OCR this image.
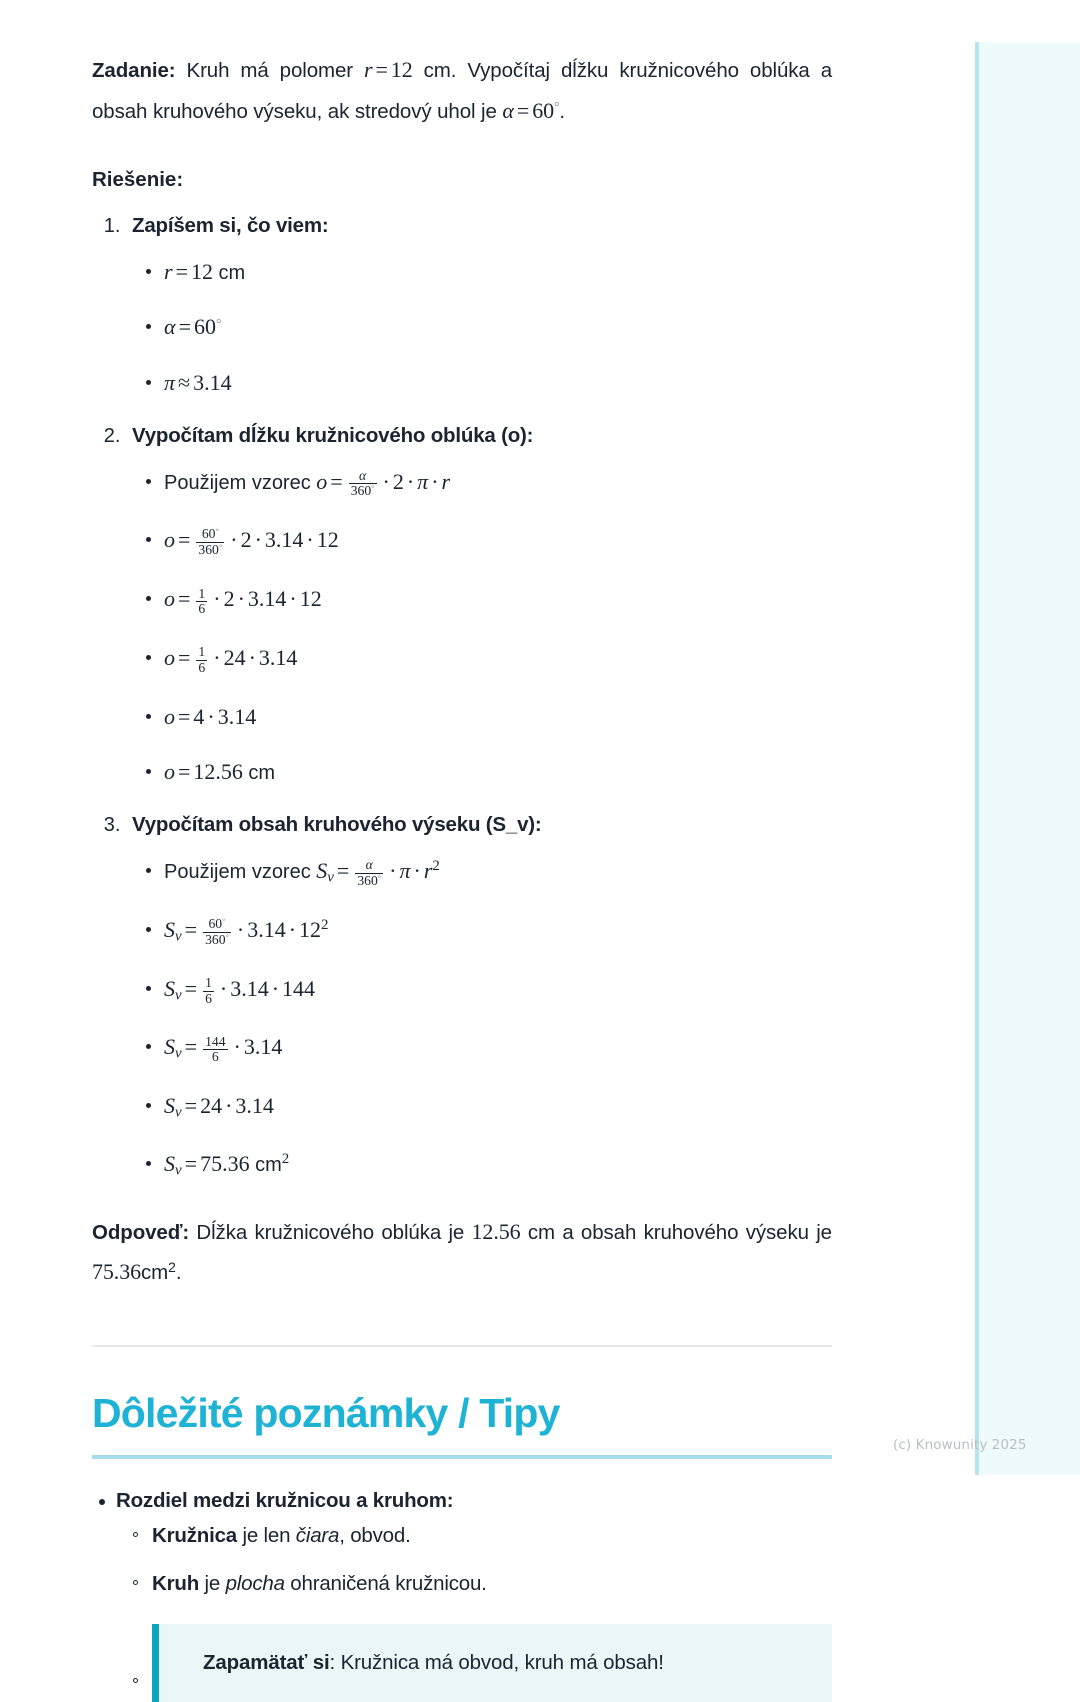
Zadanie: Kruh má polomer r = 12 cm. Vypočítaj dĺžku kružnicového oblúka a obsah kruhového výseku, ak stredový uhol je α = 60°.

Riešenie:
1. Zapíšem si, čo viem:
r = 12 cm
α = 60°
π ≈ 3.14
2. Vypočítam dĺžku kružnicového oblúka (o):
Použijem vzorec $o = \frac{\alpha}{360^\circ} \cdot 2 \cdot \pi \cdot r$
$o = \frac{60^\circ}{360^\circ} \cdot 2 \cdot 3.14 \cdot 12$
$o = \frac{1}{6} \cdot 2 \cdot 3.14 \cdot 12$
$o = \frac{1}{6} \cdot 24 \cdot 3.14$
o = 4 · 3.14
o = 12.56 cm
3. Vypočítam obsah kruhového výseku (S_v):
Použijem vzorec $S_v = \frac{\alpha}{360^\circ} \cdot \pi \cdot r^2$
$S_v = \frac{60^\circ}{360^\circ} \cdot 3.14 \cdot 12^2$
$S_v = \frac{1}{6} \cdot 3.14 \cdot 144$
$S_v = \frac{144}{6} \cdot 3.14$
$S_v = 24 \cdot 3.14$
$S_v = 75.36$ $cm^2$

Odpoveď: Dĺžka kružnicového oblúka je 12.56 cm a obsah kruhového výseku je $75.36cm^2$.

Dôležité poznámky / Tipy
Rozdiel medzi kružnicou a kruhom:
Kružnica je len čiara, obvod.
Kruh je plocha ohraničená kružnicou.
Zapamätať si: Kružnica má obvod, kruh má obsah!
(c) Knowunity 2025
